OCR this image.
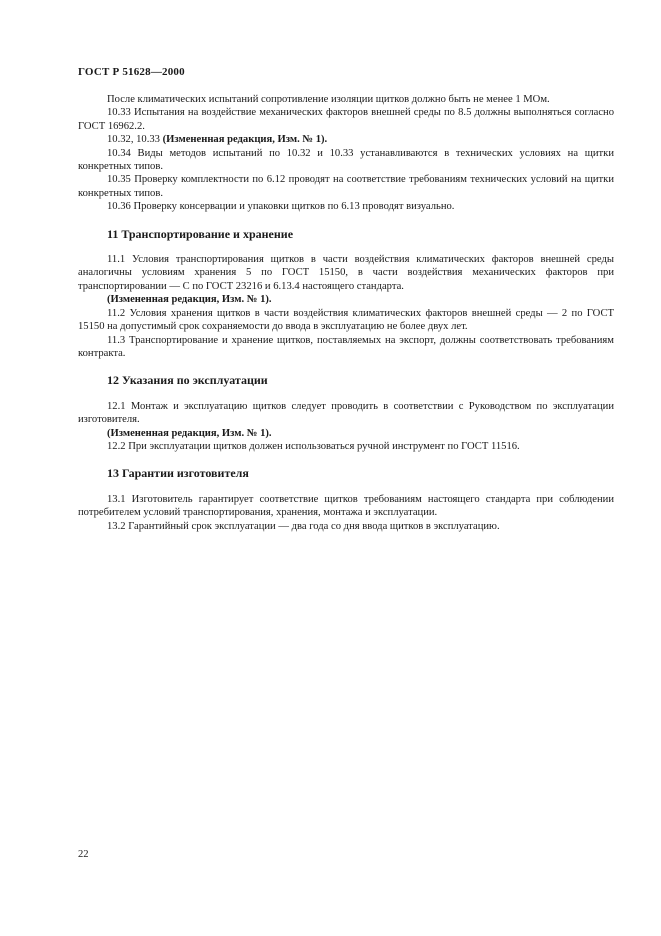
ГОСТ Р 51628—2000

После климатических испытаний сопротивление изоляции щитков должно быть не менее 1 МОм.

10.33 Испытания на воздействие механических факторов внешней среды по 8.5 должны выполняться согласно ГОСТ 16962.2.

10.32, 10.33 (Измененная редакция, Изм. № 1).

10.34 Виды методов испытаний по 10.32 и 10.33 устанавливаются в технических условиях на щитки конкретных типов.

10.35 Проверку комплектности по 6.12 проводят на соответствие требованиям технических условий на щитки конкретных типов.

10.36 Проверку консервации и упаковки щитков по 6.13 проводят визуально.

11 Транспортирование и хранение

11.1 Условия транспортирования щитков в части воздействия климатических факторов внешней среды аналогичны условиям хранения 5 по ГОСТ 15150, в части воздействия механических факторов при транспортировании — С по ГОСТ 23216 и 6.13.4 настоящего стандарта.

(Измененная редакция, Изм. № 1).

11.2 Условия хранения щитков в части воздействия климатических факторов внешней среды — 2 по ГОСТ 15150 на допустимый срок сохраняемости до ввода в эксплуатацию не более двух лет.

11.3 Транспортирование и хранение щитков, поставляемых на экспорт, должны соответствовать требованиям контракта.

12 Указания по эксплуатации

12.1 Монтаж и эксплуатацию щитков следует проводить в соответствии с Руководством по эксплуатации изготовителя.

(Измененная редакция, Изм. № 1).

12.2 При эксплуатации щитков должен использоваться ручной инструмент по ГОСТ 11516.

13 Гарантии изготовителя

13.1 Изготовитель гарантирует соответствие щитков требованиям настоящего стандарта при соблюдении потребителем условий транспортирования, хранения, монтажа и эксплуатации.

13.2 Гарантийный срок эксплуатации — два года со дня ввода щитков в эксплуатацию.

22
